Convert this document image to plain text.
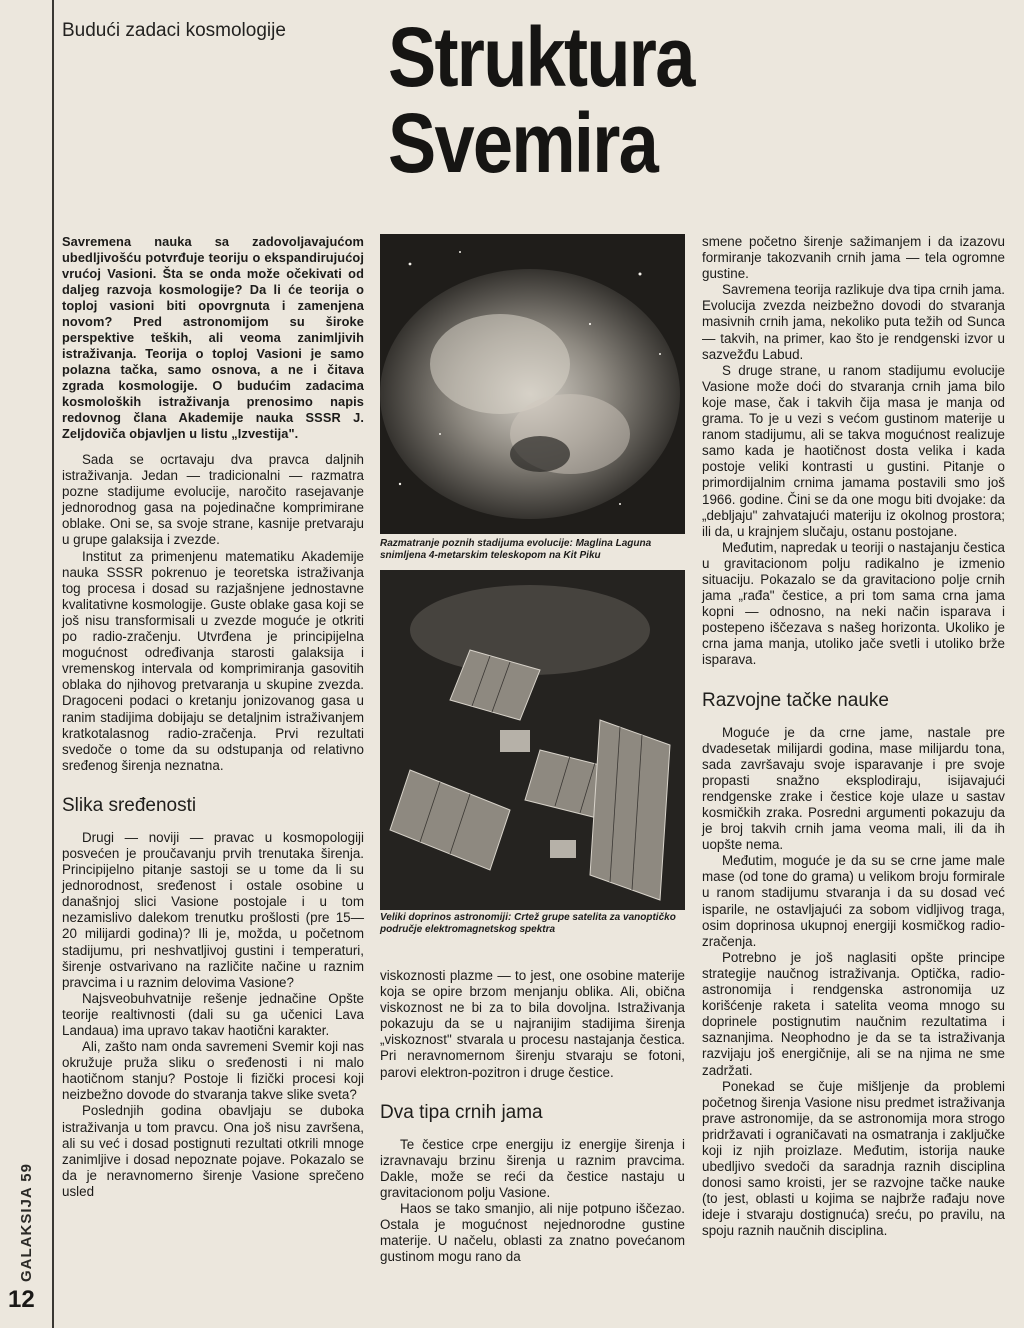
GALAKSIJA 59
12
Budući zadaci kosmologije Struktura
Svemira

Savremena nauka sa zadovoljavajućom ubedljivošću potvrđuje teoriju o ekspandirujućoj vrućoj Vasioni. Šta se onda može očekivati od daljeg razvoja kosmologije? Da li će teorija o toploj vasioni biti opovrgnuta i zamenjena novom? Pred astronomijom su široke perspektive teških, ali veoma zanimljivih istraživanja. Teorija o toploj Vasioni je samo polazna tačka, samo osnova, a ne i čitava zgrada kosmologije. O budućim zadacima kosmoloških istraživanja prenosimo napis redovnog člana Akademije nauka SSSR J. Zeljdoviča objavljen u listu „Izvestija".

Sada se ocrtavaju dva pravca daljnih istraživanja. Jedan — tradicionalni — razmatra pozne stadijume evolucije, naročito rasejavanje jednorodnog gasa na pojedinačne komprimirane oblake. Oni se, sa svoje strane, kasnije pretvaraju u grupe galaksija i zvezde.

Institut za primenjenu matematiku Akademije nauka SSSR pokrenuo je teoretska istraživanja tog procesa i dosad su razjašnjene jednostavne kvalitativne kosmologije. Guste oblake gasa koji se još nisu transformisali u zvezde moguće je otkriti po radio-zračenju. Utvrđena je principijelna mogućnost određivanja starosti galaksija i vremenskog intervala od komprimiranja gasovitih oblaka do njihovog pretvaranja u skupine zvezda. Dragoceni podaci o kretanju jonizovanog gasa u ranim stadijima dobijaju se detaljnim istraživanjem kratkotalasnog radio-zračenja. Prvi rezultati svedoče o tome da su odstupanja od relativno sređenog širenja neznatna.

Slika sređenosti

Drugi — noviji — pravac u kosmopologiji posvećen je proučavanju prvih trenutaka širenja. Principijelno pitanje sastoji se u tome da li su jednorodnost, sređenost i ostale osobine u današnjoj slici Vasione postojale i u tom nezamislivo dalekom trenutku prošlosti (pre 15—20 milijardi godina)? Ili je, možda, u početnom stadijumu, pri neshvatljivoj gustini i temperaturi, širenje ostvarivano na različite načine u raznim pravcima i u raznim delovima Vasione?

Najsveobuhvatnije rešenje jednačine Opšte teorije realtivnosti (dali su ga učenici Lava Landaua) ima upravo takav haotični karakter.

Ali, zašto nam onda savremeni Svemir koji nas okružuje pruža sliku o sređenosti i ni malo haotičnom stanju? Postoje li fizički procesi koji neizbežno dovode do stvaranja takve slike sveta?

Poslednjih godina obavljaju se duboka istraživanja u tom pravcu. Ona još nisu završena, ali su već i dosad postignuti rezultati otkrili mnoge zanimljive i dosad nepoznate pojave. Pokazalo se da je neravnomerno širenje Vasione sprečeno usled

Razmatranje poznih stadijuma evolucije: Maglina Laguna snimljena 4-metarskim teleskopom na Kit Piku
Veliki doprinos astronomiji: Crtež grupe satelita za vanoptičko područje elektromagnetskog spektra

viskoznosti plazme — to jest, one osobine materije koja se opire brzom menjanju oblika. Ali, obična viskoznost ne bi za to bila dovoljna. Istraživanja pokazuju da se u najranijim stadijima širenja „viskoznost" stvarala u procesu nastajanja čestica. Pri neravnomernom širenju stvaraju se fotoni, parovi elektron-pozitron i druge čestice.

Dva tipa crnih jama

Te čestice crpe energiju iz energije širenja i izravnavaju brzinu širenja u raznim pravcima. Dakle, može se reći da čestice nastaju u gravitacionom polju Vasione.

Haos se tako smanjio, ali nije potpuno iščezao. Ostala je mogućnost nejednorodne gustine materije. U načelu, oblasti za znatno povećanom gustinom mogu rano da

smene početno širenje sažimanjem i da izazovu formiranje takozvanih crnih jama — tela ogromne gustine.

Savremena teorija razlikuje dva tipa crnih jama. Evolucija zvezda neizbežno dovodi do stvaranja masivnih crnih jama, nekoliko puta težih od Sunca — takvih, na primer, kao što je rendgenski izvor u sazvežđu Labud.

S druge strane, u ranom stadijumu evolucije Vasione može doći do stvaranja crnih jama bilo koje mase, čak i takvih čija masa je manja od grama. To je u vezi s većom gustinom materije u ranom stadijumu, ali se takva mogućnost realizuje samo kada je haotičnost dosta velika i kada postoje veliki kontrasti u gustini. Pitanje o primordijalnim crnima jamama postavili smo još 1966. godine. Čini se da one mogu biti dvojake: da „debljaju" zahvatajući materiju iz okolnog prostora; ili da, u krajnjem slučaju, ostanu postojane.

Međutim, napredak u teoriji o nastajanju čestica u gravitacionom polju radikalno je izmenio situaciju. Pokazalo se da gravitaciono polje crnih jama „rađa" čestice, a pri tom sama crna jama kopni — odnosno, na neki način isparava i postepeno iščezava s našeg horizonta. Ukoliko je crna jama manja, utoliko jače svetli i utoliko brže isparava.

Razvojne tačke nauke

Moguće je da crne jame, nastale pre dvadesetak milijardi godina, mase milijardu tona, sada završavaju svoje isparavanje i pre svoje propasti snažno eksplodiraju, isijavajući rendgenske zrake i čestice koje ulaze u sastav kosmičkih zraka. Posredni argumenti pokazuju da je broj takvih crnih jama veoma mali, ili da ih uopšte nema.

Međutim, moguće je da su se crne jame male mase (od tone do grama) u velikom broju formirale u ranom stadijumu stvaranja i da su dosad već isparile, ne ostavljajući za sobom vidljivog traga, osim doprinosa ukupnoj energiji kosmičkog radio-zračenja.

Potrebno je još naglasiti opšte principe strategije naučnog istraživanja. Optička, radio-astronomija i rendgenska astronomija uz korišćenje raketa i satelita veoma mnogo su doprinele postignutim naučnim rezultatima i saznanjima. Neophodno je da se ta istraživanja razvijaju još energičnije, ali se na njima ne sme zadržati.

Ponekad se čuje mišljenje da problemi početnog širenja Vasione nisu predmet istraživanja prave astronomije, da se astronomija mora strogo pridržavati i ograničavati na osmatranja i zaključke koji iz njih proizlaze. Međutim, istorija nauke ubedljivo svedoči da saradnja raznih disciplina donosi samo kroisti, jer se razvojne tačke nauke (to jest, oblasti u kojima se najbrže rađaju nove ideje i stvaraju dostignuća) sreću, po pravilu, na spoju raznih naučnih disciplina.
